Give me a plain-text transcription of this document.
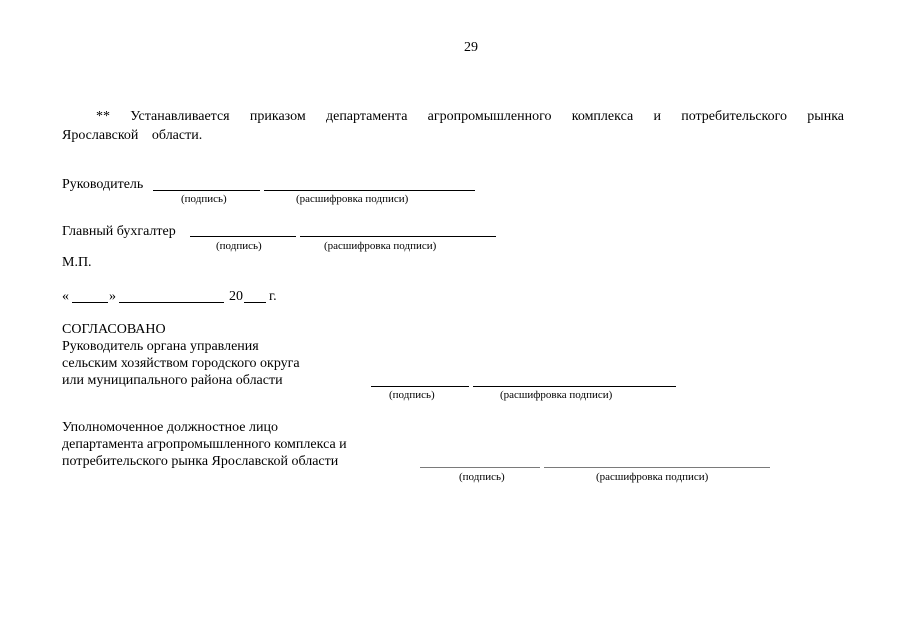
29
** Устанавливается приказом департамента агропромышленного комплекса и потребительского рынка Ярославской области.
Руководитель
(подпись)	(расшифровка подписи)
Главный бухгалтер
(подпись)	(расшифровка подписи)
М.П.
«	»	20 г.
СОГЛАСОВАНО
Руководитель органа управления
сельским хозяйством городского округа
или муниципального района области
(подпись)	(расшифровка подписи)
Уполномоченное должностное лицо
департамента агропромышленного комплекса и
потребительского рынка Ярославской области
(подпись)	(расшифровка подписи)
